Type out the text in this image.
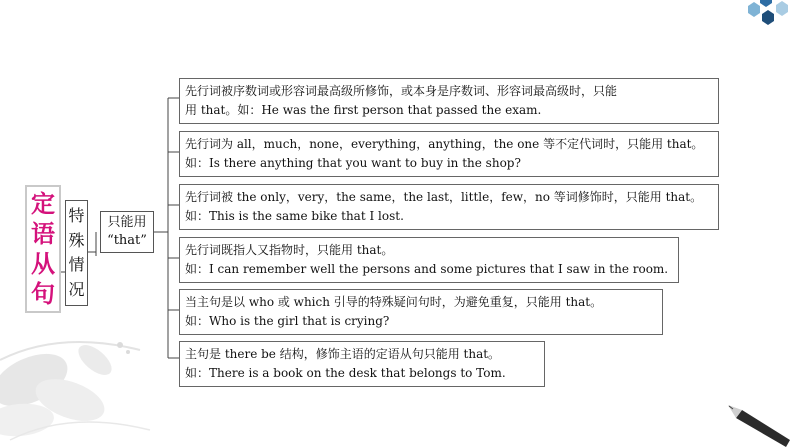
定
语
从
句
特
殊
情
况
只能用
“that”
先行词被序数词或形容词最高级所修饰，或本身是序数词、形容词最高级时，只能
用 that。如：He was the first person that passed the exam.
先行词为 all，much，none，everything，anything，the one 等不定代词时，只能用 that。
如：Is there anything that you want to buy in the shop?
先行词被 the only，very，the same，the last，little，few，no 等词修饰时，只能用 that。
如：This is the same bike that I lost.
先行词既指人又指物时，只能用 that。
如：I can remember well the persons and some pictures that I saw in the room.
当主句是以 who 或 which 引导的特殊疑问句时，为避免重复，只能用 that。
如：Who is the girl that is crying?
主句是 there be 结构，修饰主语的定语从句只能用 that。
如：There is a book on the desk that belongs to Tom.
